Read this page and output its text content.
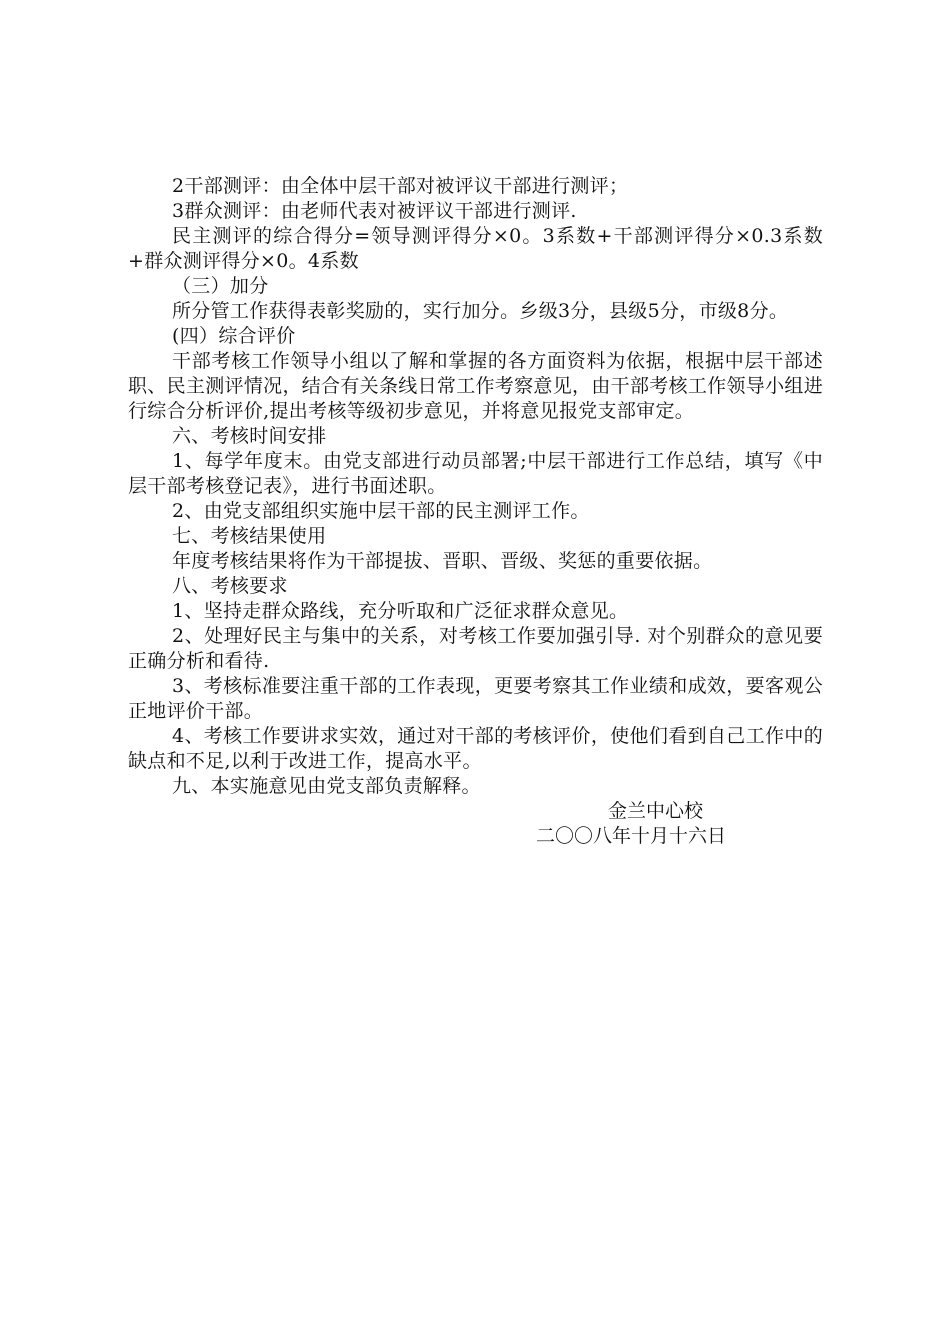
2干部测评：由全体中层干部对被评议干部进行测评；

3群众测评：由老师代表对被评议干部进行测评.

民主测评的综合得分=领导测评得分×0。3系数+干部测评得分×0.3系数+群众测评得分×0。4系数

（三）加分

所分管工作获得表彰奖励的，实行加分。乡级3分，县级5分，市级8分。

(四）综合评价

干部考核工作领导小组以了解和掌握的各方面资料为依据，根据中层干部述职、民主测评情况，结合有关条线日常工作考察意见，由干部考核工作领导小组进行综合分析评价,提出考核等级初步意见，并将意见报党支部审定。

六、考核时间安排

1、每学年度末。由党支部进行动员部署;中层干部进行工作总结，填写《中层干部考核登记表》，进行书面述职。

2、由党支部组织实施中层干部的民主测评工作。

七、考核结果使用

年度考核结果将作为干部提拔、晋职、晋级、奖惩的重要依据。

八、考核要求

1、坚持走群众路线，充分听取和广泛征求群众意见。

2、处理好民主与集中的关系，对考核工作要加强引导. 对个别群众的意见要正确分析和看待.

3、考核标准要注重干部的工作表现，更要考察其工作业绩和成效，要客观公正地评价干部。

4、考核工作要讲求实效，通过对干部的考核评价，使他们看到自己工作中的缺点和不足,以利于改进工作，提高水平。

九、本实施意见由党支部负责解释。

金兰中心校

二〇〇八年十月十六日
